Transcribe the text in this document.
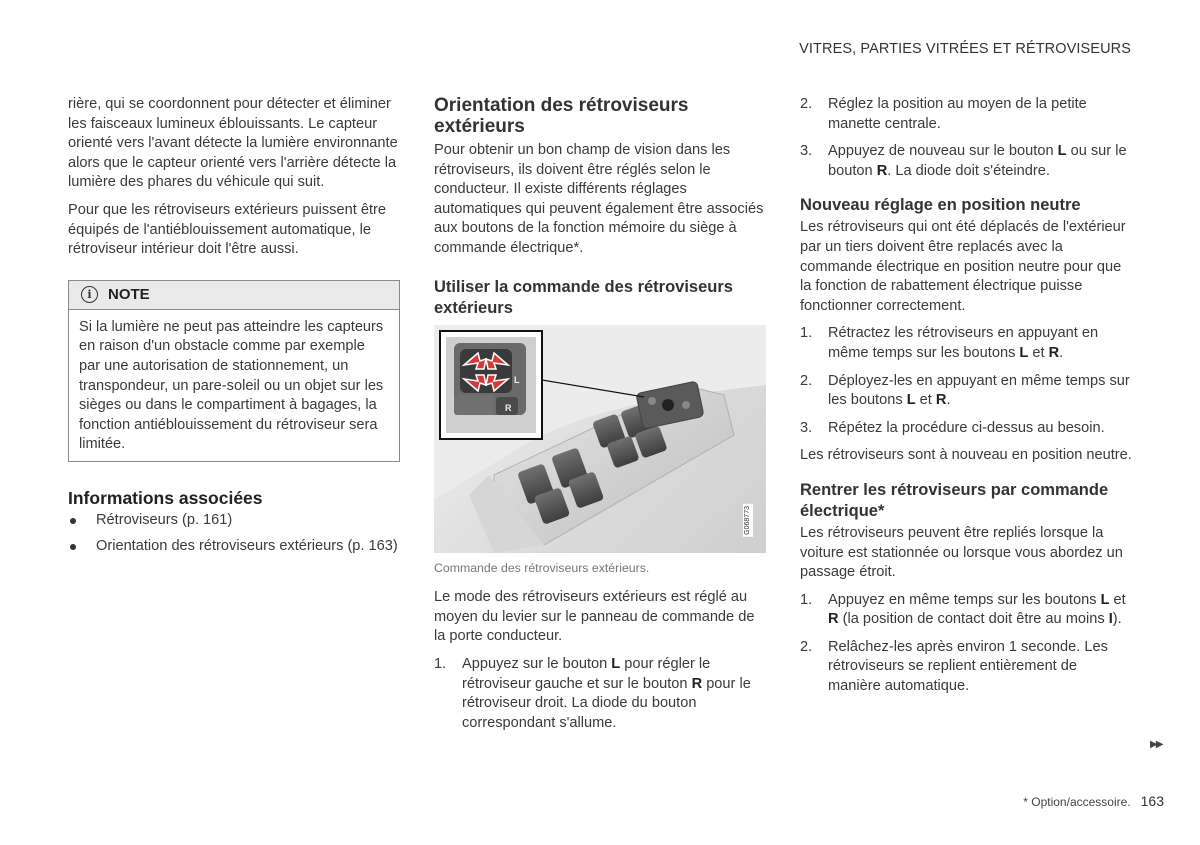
VITRES, PARTIES VITRÉES ET RÉTROVISEURS

rière, qui se coordonnent pour détecter et éliminer les faisceaux lumineux éblouissants. Le capteur orienté vers l'avant détecte la lumière environnante alors que le capteur orienté vers l'arrière détecte la lumière des phares du véhicule qui suit.

Pour que les rétroviseurs extérieurs puissent être équipés de l'antiéblouissement automatique, le rétroviseur intérieur doit l'être aussi.

i	NOTE
Si la lumière ne peut pas atteindre les capteurs en raison d'un obstacle comme par exemple par une autorisation de stationnement, un transpondeur, un pare-soleil ou un objet sur les sièges ou dans le compartiment à bagages, la fonction antiéblouissement du rétroviseur sera limitée.
Informations associées
Rétroviseurs (p. 161)
Orientation des rétroviseurs extérieurs (p. 163)
Orientation des rétroviseurs extérieurs

Pour obtenir un bon champ de vision dans les rétroviseurs, ils doivent être réglés selon le conducteur. Il existe différents réglages automatiques qui peuvent également être associés aux boutons de la fonction mémoire du siège à commande électrique*.

Utiliser la commande des rétroviseurs extérieurs
R
L
G068773
Commande des rétroviseurs extérieurs.

Le mode des rétroviseurs extérieurs est réglé au moyen du levier sur le panneau de commande de la porte conducteur.

1. Appuyez sur le bouton L pour régler le rétroviseur gauche et sur le bouton R pour le rétroviseur droit. La diode du bouton correspondant s'allume.
2. Réglez la position au moyen de la petite manette centrale.
3. Appuyez de nouveau sur le bouton L ou sur le bouton R. La diode doit s'éteindre.
Nouveau réglage en position neutre

Les rétroviseurs qui ont été déplacés de l'extérieur par un tiers doivent être replacés avec la commande électrique en position neutre pour que la fonction de rabattement électrique puisse fonctionner correctement.

1. Rétractez les rétroviseurs en appuyant en même temps sur les boutons L et R.
2. Déployez-les en appuyant en même temps sur les boutons L et R.
3. Répétez la procédure ci-dessus au besoin.

Les rétroviseurs sont à nouveau en position neutre.

Rentrer les rétroviseurs par commande électrique*

Les rétroviseurs peuvent être repliés lorsque la voiture est stationnée ou lorsque vous abordez un passage étroit.

1. Appuyez en même temps sur les boutons L et R (la position de contact doit être au moins I).
2. Relâchez-les après environ 1 seconde. Les rétroviseurs se replient entièrement de manière automatique.
▶▶
* Option/accessoire. 163
